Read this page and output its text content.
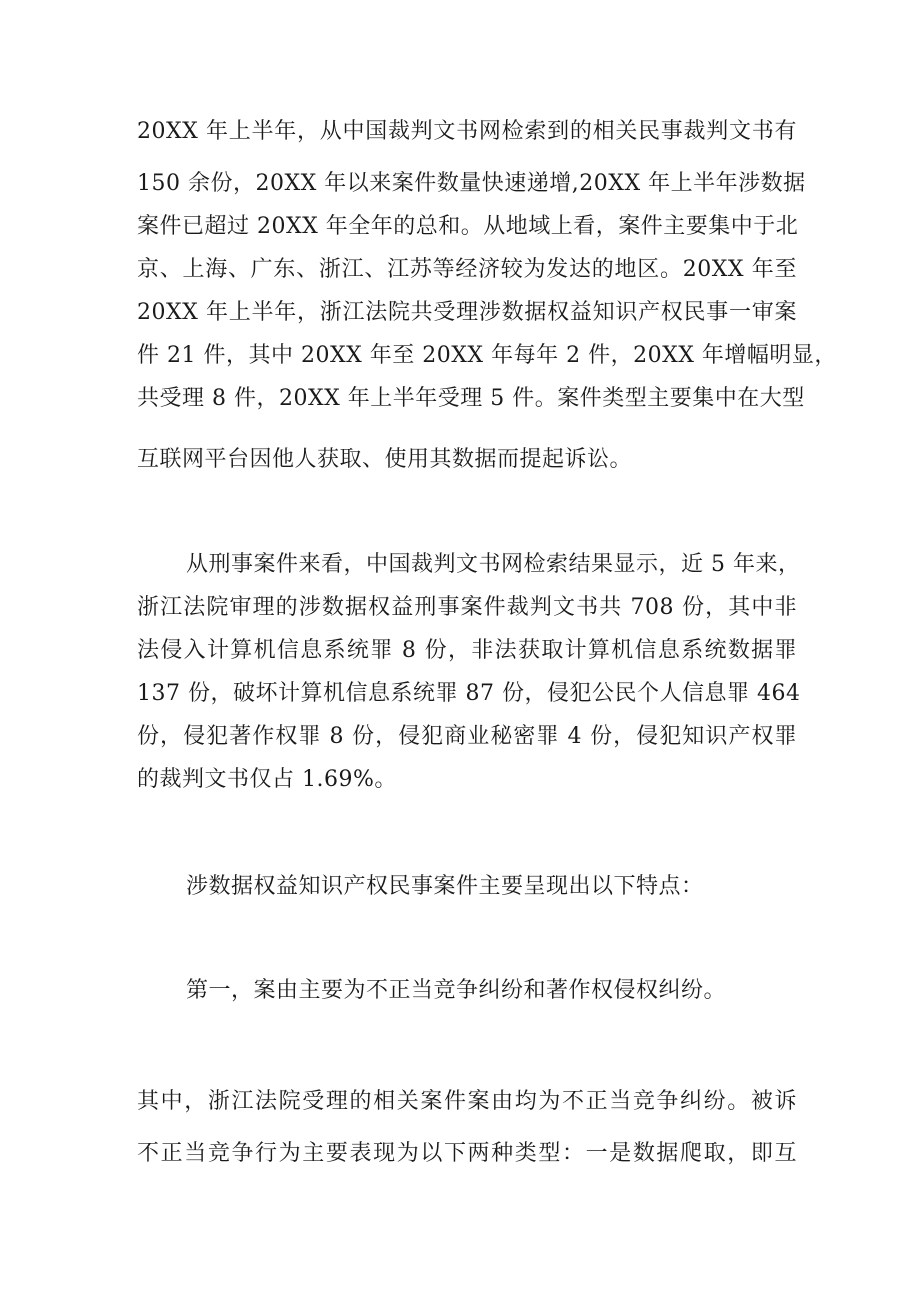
20XX 年上半年，从中国裁判文书网检索到的相关民事裁判文书有
150 余份，20XX 年以来案件数量快速递增,20XX 年上半年涉数据
案件已超过 20XX 年全年的总和。从地域上看，案件主要集中于北
京、上海、广东、浙江、江苏等经济较为发达的地区。20XX 年至
20XX 年上半年，浙江法院共受理涉数据权益知识产权民事一审案
件 21 件，其中 20XX 年至 20XX 年每年 2 件，20XX 年增幅明显，
共受理 8 件，20XX 年上半年受理 5 件。案件类型主要集中在大型
互联网平台因他人获取、使用其数据而提起诉讼。
从刑事案件来看，中国裁判文书网检索结果显示，近 5 年来，
浙江法院审理的涉数据权益刑事案件裁判文书共 708 份，其中非
法侵入计算机信息系统罪 8 份，非法获取计算机信息系统数据罪
137 份，破坏计算机信息系统罪 87 份，侵犯公民个人信息罪 464
份，侵犯著作权罪 8 份，侵犯商业秘密罪 4 份，侵犯知识产权罪
的裁判文书仅占 1.69%。
涉数据权益知识产权民事案件主要呈现出以下特点：
第一，案由主要为不正当竞争纠纷和著作权侵权纠纷。
其中，浙江法院受理的相关案件案由均为不正当竞争纠纷。被诉
不正当竞争行为主要表现为以下两种类型：一是数据爬取，即互
